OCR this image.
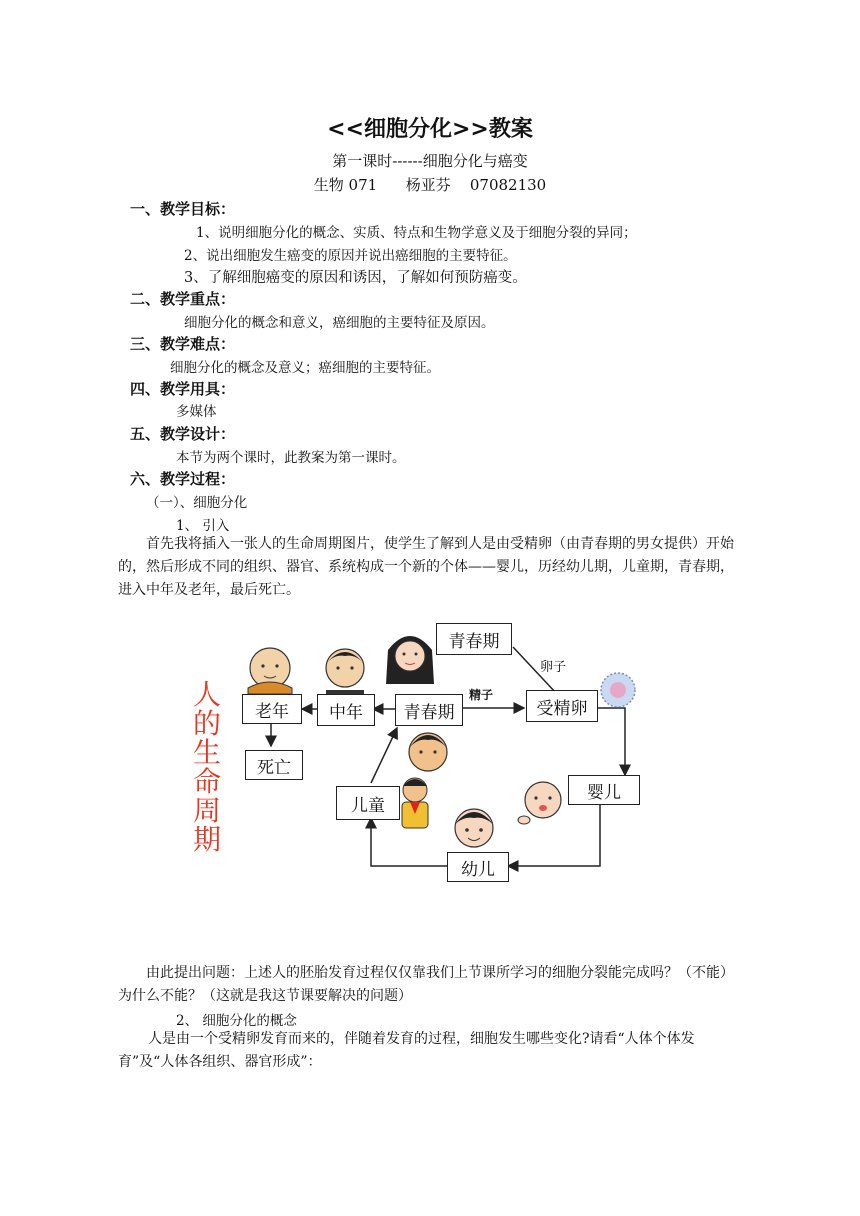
<<细胞分化>>教案
第一课时------细胞分化与癌变
生物 071      杨亚芬    07082130
一、教学目标：
1、说明细胞分化的概念、实质、特点和生物学意义及于细胞分裂的异同；
2、说出细胞发生癌变的原因并说出癌细胞的主要特征。
3、了解细胞癌变的原因和诱因，了解如何预防癌变。
二、教学重点：
细胞分化的概念和意义，癌细胞的主要特征及原因。
三、教学难点：
细胞分化的概念及意义；癌细胞的主要特征。
四、教学用具：
多媒体
五、教学设计：
本节为两个课时，此教案为第一课时。
六、教学过程：
（一）、细胞分化
1、 引入
首先我将插入一张人的生命周期图片，使学生了解到人是由受精卵（由青春期的男女提供）开始的，然后形成不同的组织、器官、系统构成一个新的个体——婴儿，历经幼儿期，儿童期，青春期，进入中年及老年，最后死亡。
人
的
生
命
周
期
青春期
老年	中年	青春期	受精卵
死亡
婴儿
儿童
幼儿
卵子
精子
由此提出问题：上述人的胚胎发育过程仅仅靠我们上节课所学习的细胞分裂能完成吗？（不能）为什么不能？（这就是我这节课要解决的问题）
2、 细胞分化的概念
人是由一个受精卵发育而来的，伴随着发育的过程，细胞发生哪些变化?请看“人体个体发育”及“人体各组织、器官形成”：
